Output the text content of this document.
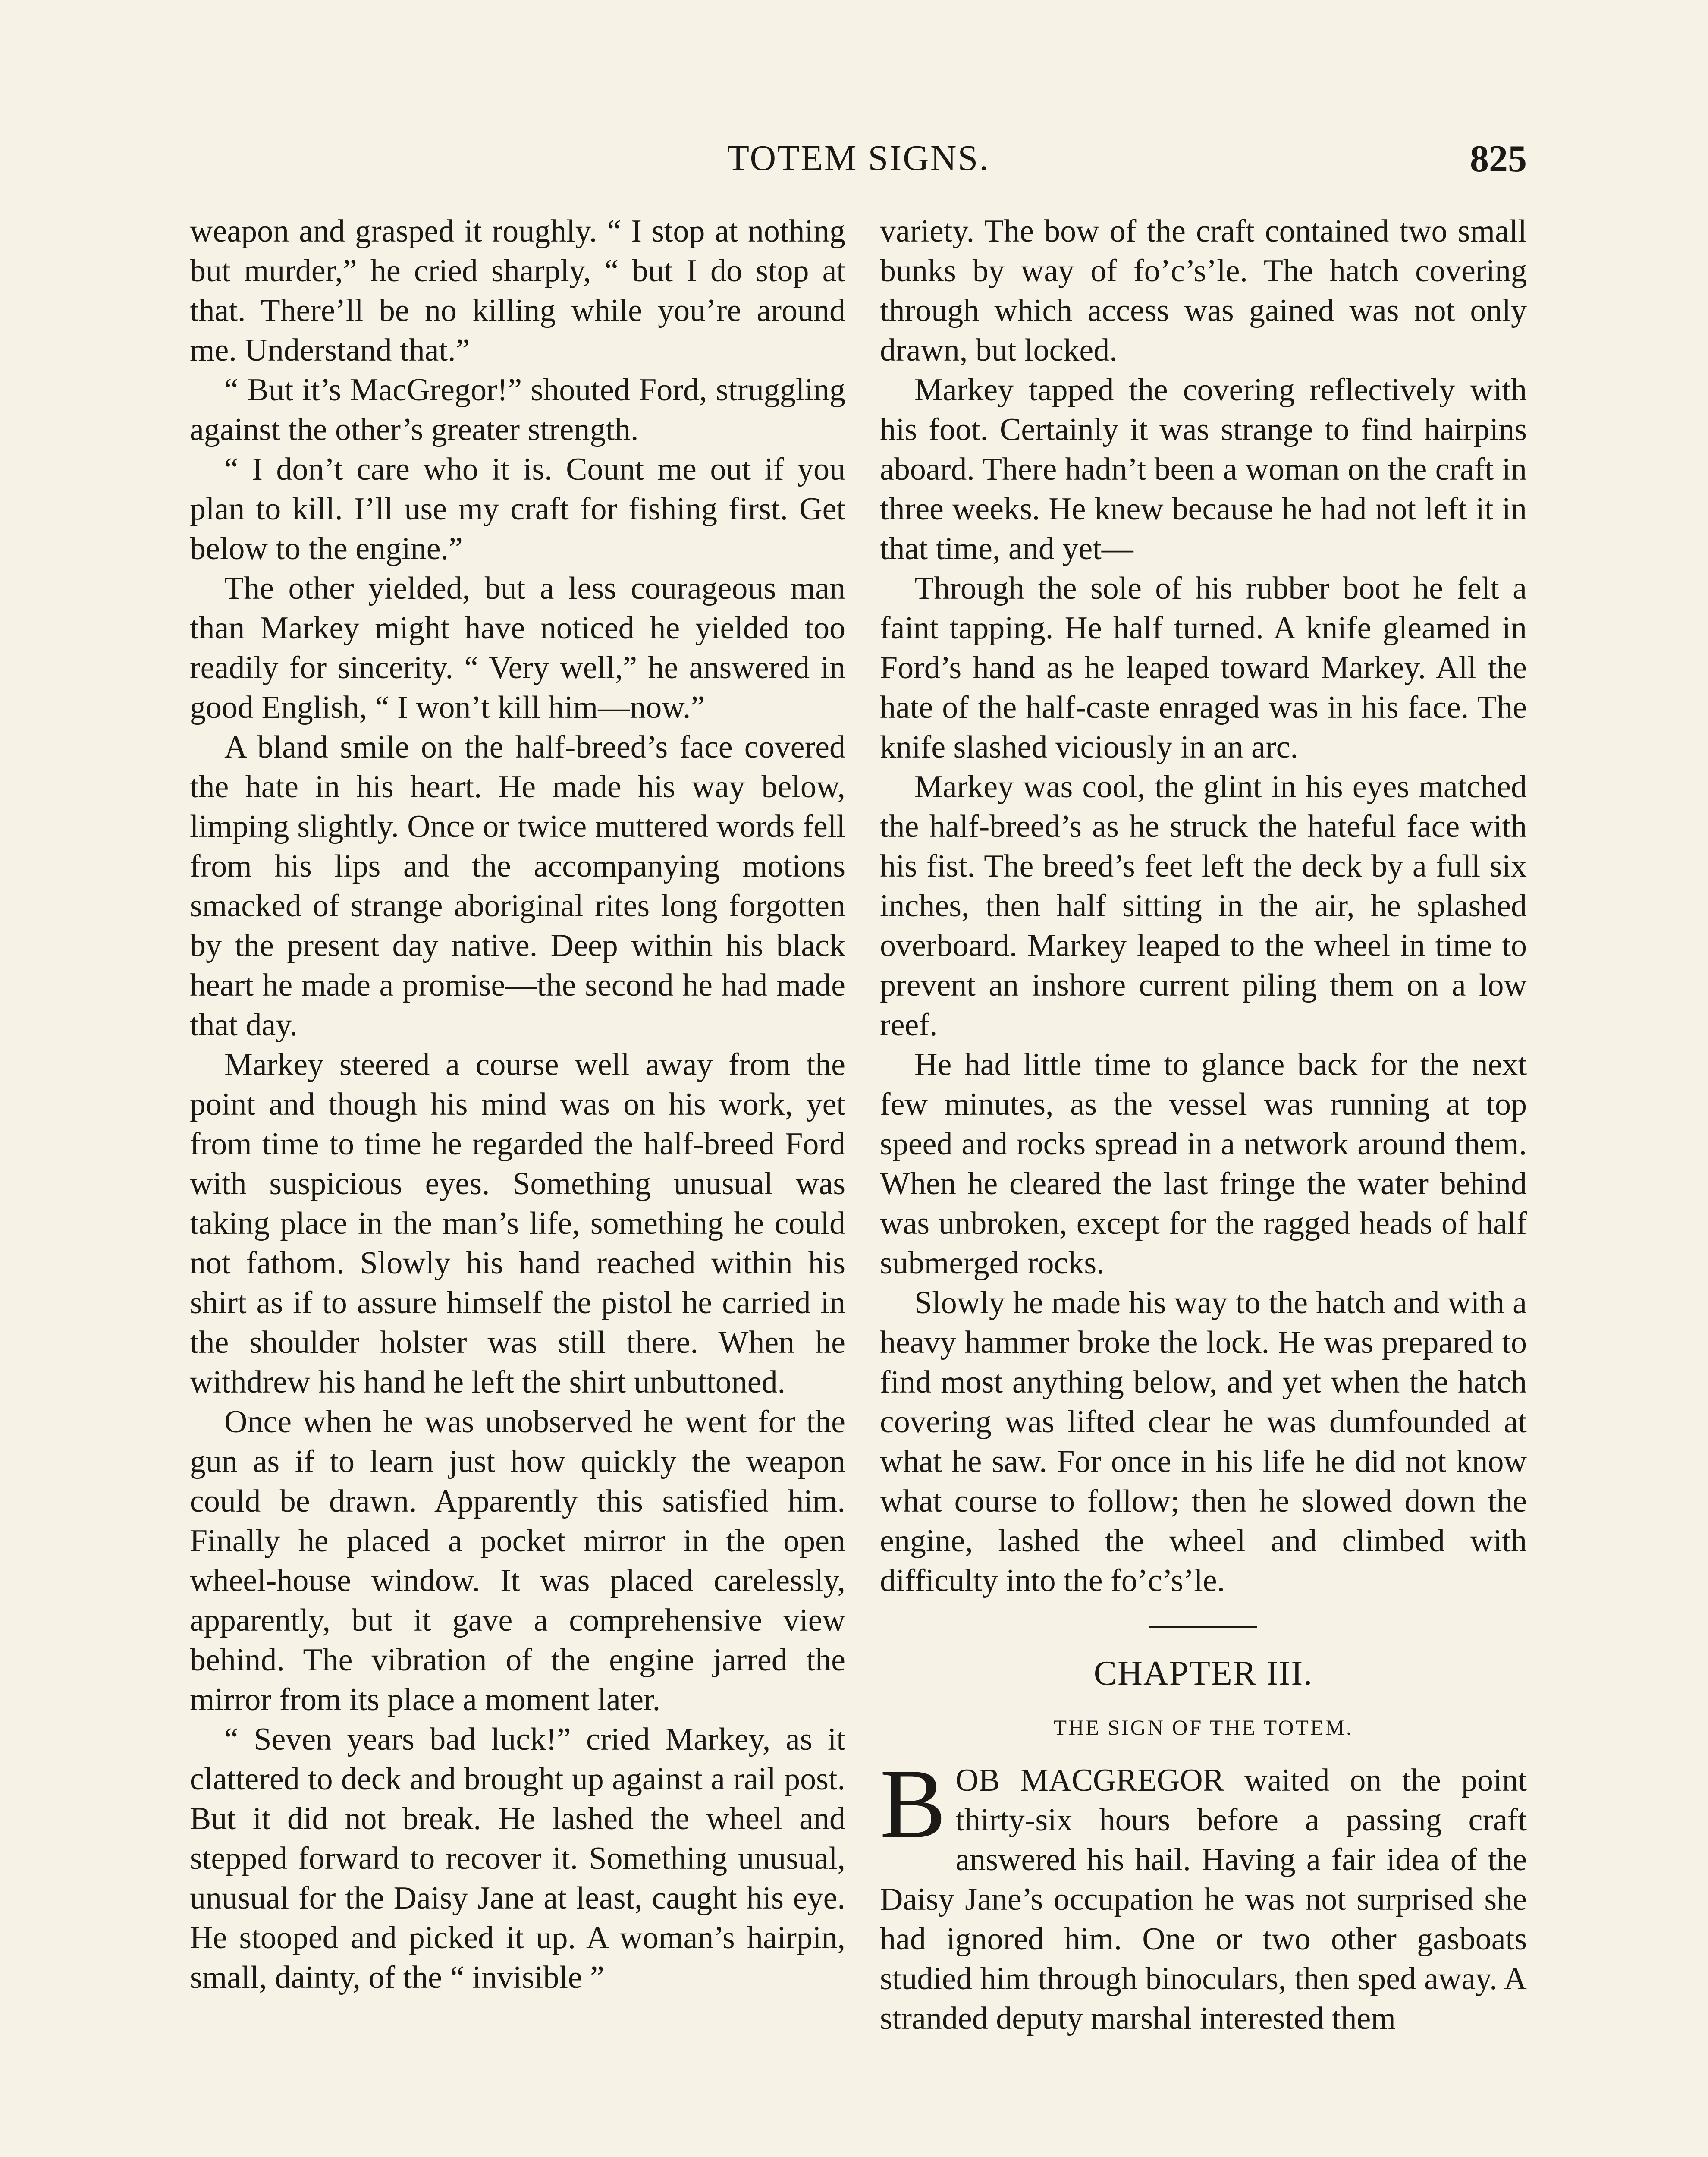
TOTEM SIGNS.	825

weapon and grasped it roughly. “ I stop at nothing but murder,” he cried sharply, “ but I do stop at that. There’ll be no killing while you’re around me. Understand that.”

“ But it’s MacGregor!” shouted Ford, struggling against the other’s greater strength.

“ I don’t care who it is. Count me out if you plan to kill. I’ll use my craft for fishing first. Get below to the engine.”

The other yielded, but a less courageous man than Markey might have noticed he yielded too readily for sincerity. “ Very well,” he answered in good English, “ I won’t kill him—now.”

A bland smile on the half-breed’s face covered the hate in his heart. He made his way below, limping slightly. Once or twice muttered words fell from his lips and the accompanying motions smacked of strange aboriginal rites long forgotten by the present day native. Deep within his black heart he made a promise—the second he had made that day.

Markey steered a course well away from the point and though his mind was on his work, yet from time to time he regarded the half-breed Ford with suspicious eyes. Something unusual was taking place in the man’s life, something he could not fathom. Slowly his hand reached within his shirt as if to assure himself the pistol he carried in the shoulder holster was still there. When he withdrew his hand he left the shirt unbuttoned.

Once when he was unobserved he went for the gun as if to learn just how quickly the weapon could be drawn. Apparently this satisfied him. Finally he placed a pocket mirror in the open wheel-house window. It was placed carelessly, apparently, but it gave a comprehensive view behind. The vibration of the engine jarred the mirror from its place a moment later.

“ Seven years bad luck!” cried Markey, as it clattered to deck and brought up against a rail post. But it did not break. He lashed the wheel and stepped forward to recover it. Something unusual, unusual for the Daisy Jane at least, caught his eye. He stooped and picked it up. A woman’s hairpin, small, dainty, of the “ invisible ”

variety. The bow of the craft contained two small bunks by way of fo’c’s’le. The hatch covering through which access was gained was not only drawn, but locked.

Markey tapped the covering reflectively with his foot. Certainly it was strange to find hairpins aboard. There hadn’t been a woman on the craft in three weeks. He knew because he had not left it in that time, and yet—

Through the sole of his rubber boot he felt a faint tapping. He half turned. A knife gleamed in Ford’s hand as he leaped toward Markey. All the hate of the half-caste enraged was in his face. The knife slashed viciously in an arc.

Markey was cool, the glint in his eyes matched the half-breed’s as he struck the hateful face with his fist. The breed’s feet left the deck by a full six inches, then half sitting in the air, he splashed overboard. Markey leaped to the wheel in time to prevent an inshore current piling them on a low reef.

He had little time to glance back for the next few minutes, as the vessel was running at top speed and rocks spread in a network around them. When he cleared the last fringe the water behind was unbroken, except for the ragged heads of half submerged rocks.

Slowly he made his way to the hatch and with a heavy hammer broke the lock. He was prepared to find most anything below, and yet when the hatch covering was lifted clear he was dumfounded at what he saw. For once in his life he did not know what course to follow; then he slowed down the engine, lashed the wheel and climbed with difficulty into the fo’c’s’le.

CHAPTER III.
THE SIGN OF THE TOTEM.

BOB MACGREGOR waited on the point thirty-six hours before a passing craft answered his hail. Having a fair idea of the Daisy Jane’s occupation he was not surprised she had ignored him. One or two other gasboats studied him through binoculars, then sped away. A stranded deputy marshal interested them
